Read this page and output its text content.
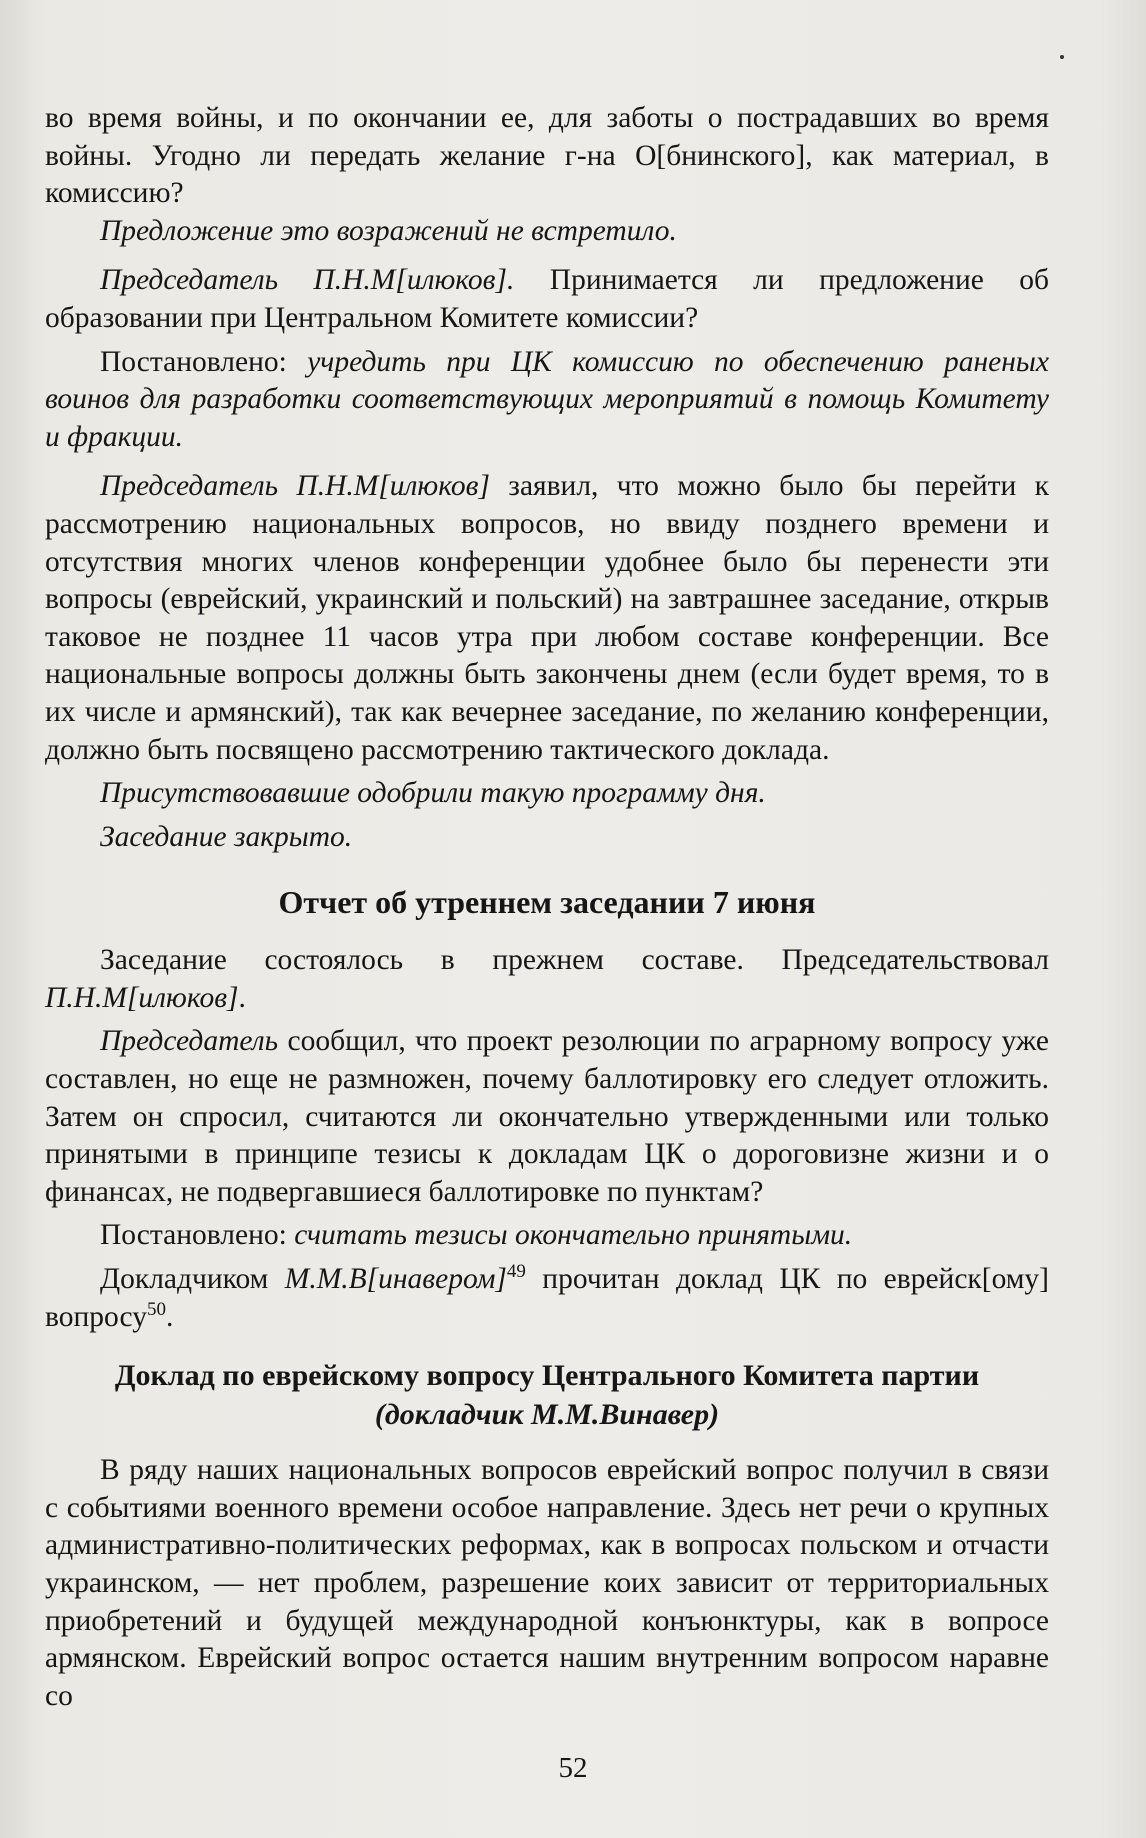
во время войны, и по окончании ее, для заботы о пострадавших во время войны. Угодно ли передать желание г-на О[бнинского], как материал, в комиссию?

Предложение это возражений не встретило.

Председатель П.Н.М[илюков]. Принимается ли предложение об образовании при Центральном Комитете комиссии?

Постановлено: учредить при ЦК комиссию по обеспечению раненых воинов для разработки соответствующих мероприятий в помощь Комитету и фракции.

Председатель П.Н.М[илюков] заявил, что можно было бы перейти к рассмотрению национальных вопросов, но ввиду позднего времени и отсутствия многих членов конференции удобнее было бы перенести эти вопросы (еврейский, украинский и польский) на завтрашнее заседание, открыв таковое не позднее 11 часов утра при любом составе конференции. Все национальные вопросы должны быть закончены днем (если будет время, то в их числе и армянский), так как вечернее заседание, по желанию конференции, должно быть посвящено рассмотрению тактического доклада.

Присутствовавшие одобрили такую программу дня.

Заседание закрыто.

Отчет об утреннем заседании 7 июня

Заседание состоялось в прежнем составе. Председательствовал П.Н.М[илюков].

Председатель сообщил, что проект резолюции по аграрному вопросу уже составлен, но еще не размножен, почему баллотировку его следует отложить. Затем он спросил, считаются ли окончательно утвержденными или только принятыми в принципе тезисы к докладам ЦК о дороговизне жизни и о финансах, не подвергавшиеся баллотировке по пунктам?

Постановлено: считать тезисы окончательно принятыми.

Докладчиком М.М.В[инавером]$^{49}$ прочитан доклад ЦК по еврейск[ому] вопросу$^{50}$.

Доклад по еврейскому вопросу Центрального Комитета партии
(докладчик М.М.Винавер)

В ряду наших национальных вопросов еврейский вопрос получил в связи с событиями военного времени особое направление. Здесь нет речи о крупных административно-политических реформах, как в вопросах польском и отчасти украинском, — нет проблем, разрешение коих зависит от территориальных приобретений и будущей международной конъюнктуры, как в вопросе армянском. Еврейский вопрос остается нашим внутренним вопросом наравне со

52
